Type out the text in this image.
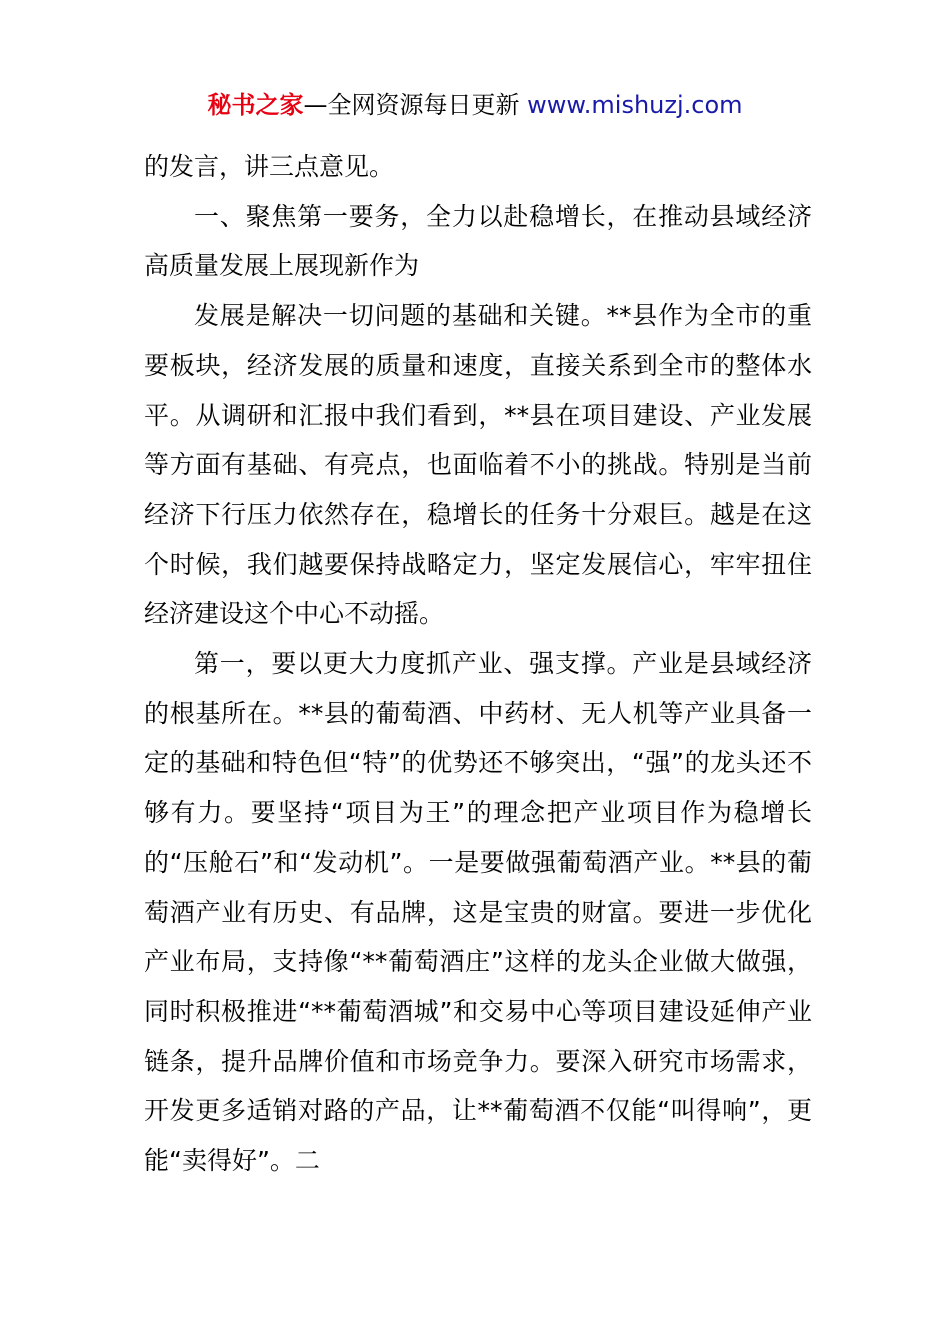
秘书之家—全网资源每日更新 www.mishuzj.com

的发言，讲三点意见。

一、聚焦第一要务，全力以赴稳增长，在推动县域经济高质量发展上展现新作为

发展是解决一切问题的基础和关键。**县作为全市的重要板块，经济发展的质量和速度，直接关系到全市的整体水平。从调研和汇报中我们看到，**县在项目建设、产业发展等方面有基础、有亮点，也面临着不小的挑战。特别是当前经济下行压力依然存在，稳增长的任务十分艰巨。越是在这个时候，我们越要保持战略定力，坚定发展信心，牢牢扭住经济建设这个中心不动摇。

第一，要以更大力度抓产业、强支撑。产业是县域经济的根基所在。**县的葡萄酒、中药材、无人机等产业具备一定的基础和特色但“特”的优势还不够突出，“强”的龙头还不够有力。要坚持“项目为王”的理念把产业项目作为稳增长的“压舱石”和“发动机”。一是要做强葡萄酒产业。**县的葡萄酒产业有历史、有品牌，这是宝贵的财富。要进一步优化产业布局，支持像“**葡萄酒庄”这样的龙头企业做大做强，同时积极推进“**葡萄酒城”和交易中心等项目建设延伸产业链条，提升品牌价值和市场竞争力。要深入研究市场需求，开发更多适销对路的产品，让**葡萄酒不仅能“叫得响”，更能“卖得好”。二
